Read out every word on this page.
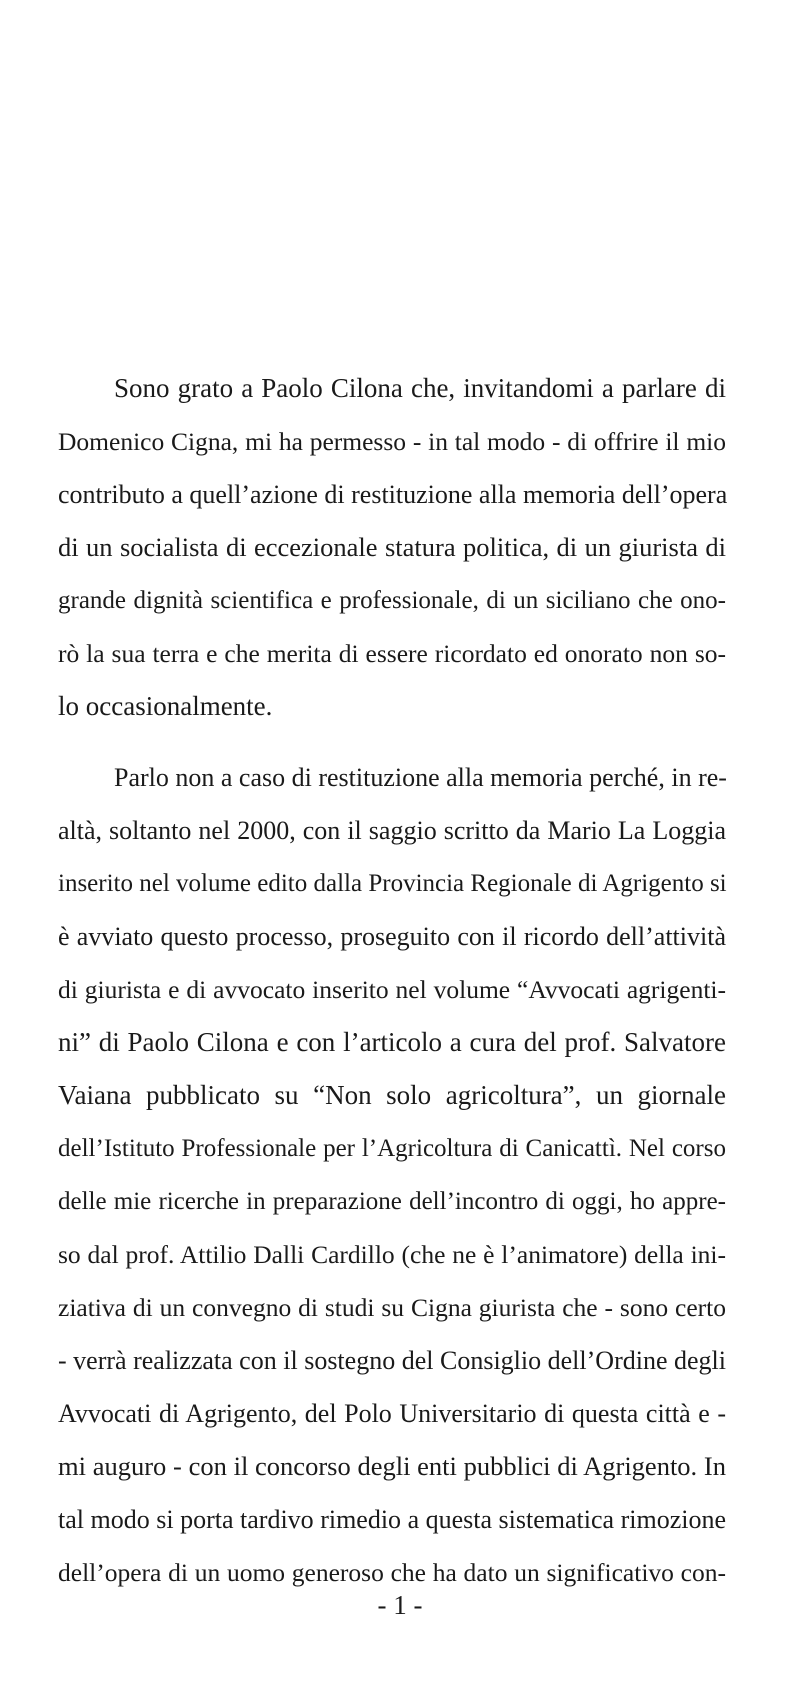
Sono grato a Paolo Cilona che, invitandomi a parlare di
Domenico Cigna, mi ha permesso - in tal modo - di offrire il mio
contributo a quell’azione di restituzione alla memoria dell’opera
di un socialista di eccezionale statura politica, di un giurista di
grande dignità scientifica e professionale, di un siciliano che ono-
rò la sua terra e che merita di essere ricordato ed onorato non so-
lo occasionalmente.
Parlo non a caso di restituzione alla memoria perché, in re-
altà, soltanto nel 2000, con il saggio scritto da Mario La Loggia
inserito nel volume edito dalla Provincia Regionale di Agrigento si
è avviato questo processo, proseguito con il ricordo dell’attività
di giurista e di avvocato inserito nel volume “Avvocati agrigenti-
ni” di Paolo Cilona e con l’articolo a cura del prof. Salvatore
Vaiana pubblicato su “Non solo agricoltura”, un giornale
dell’Istituto Professionale per l’Agricoltura di Canicattì. Nel corso
delle mie ricerche in preparazione dell’incontro di oggi, ho appre-
so dal prof. Attilio Dalli Cardillo (che ne è l’animatore) della ini-
ziativa di un convegno di studi su Cigna giurista che - sono certo
- verrà realizzata con il sostegno del Consiglio dell’Ordine degli
Avvocati di Agrigento, del Polo Universitario di questa città e -
mi auguro - con il concorso degli enti pubblici di Agrigento. In
tal modo si porta tardivo rimedio a questa sistematica rimozione
dell’opera di un uomo generoso che ha dato un significativo con-
- 1 -
